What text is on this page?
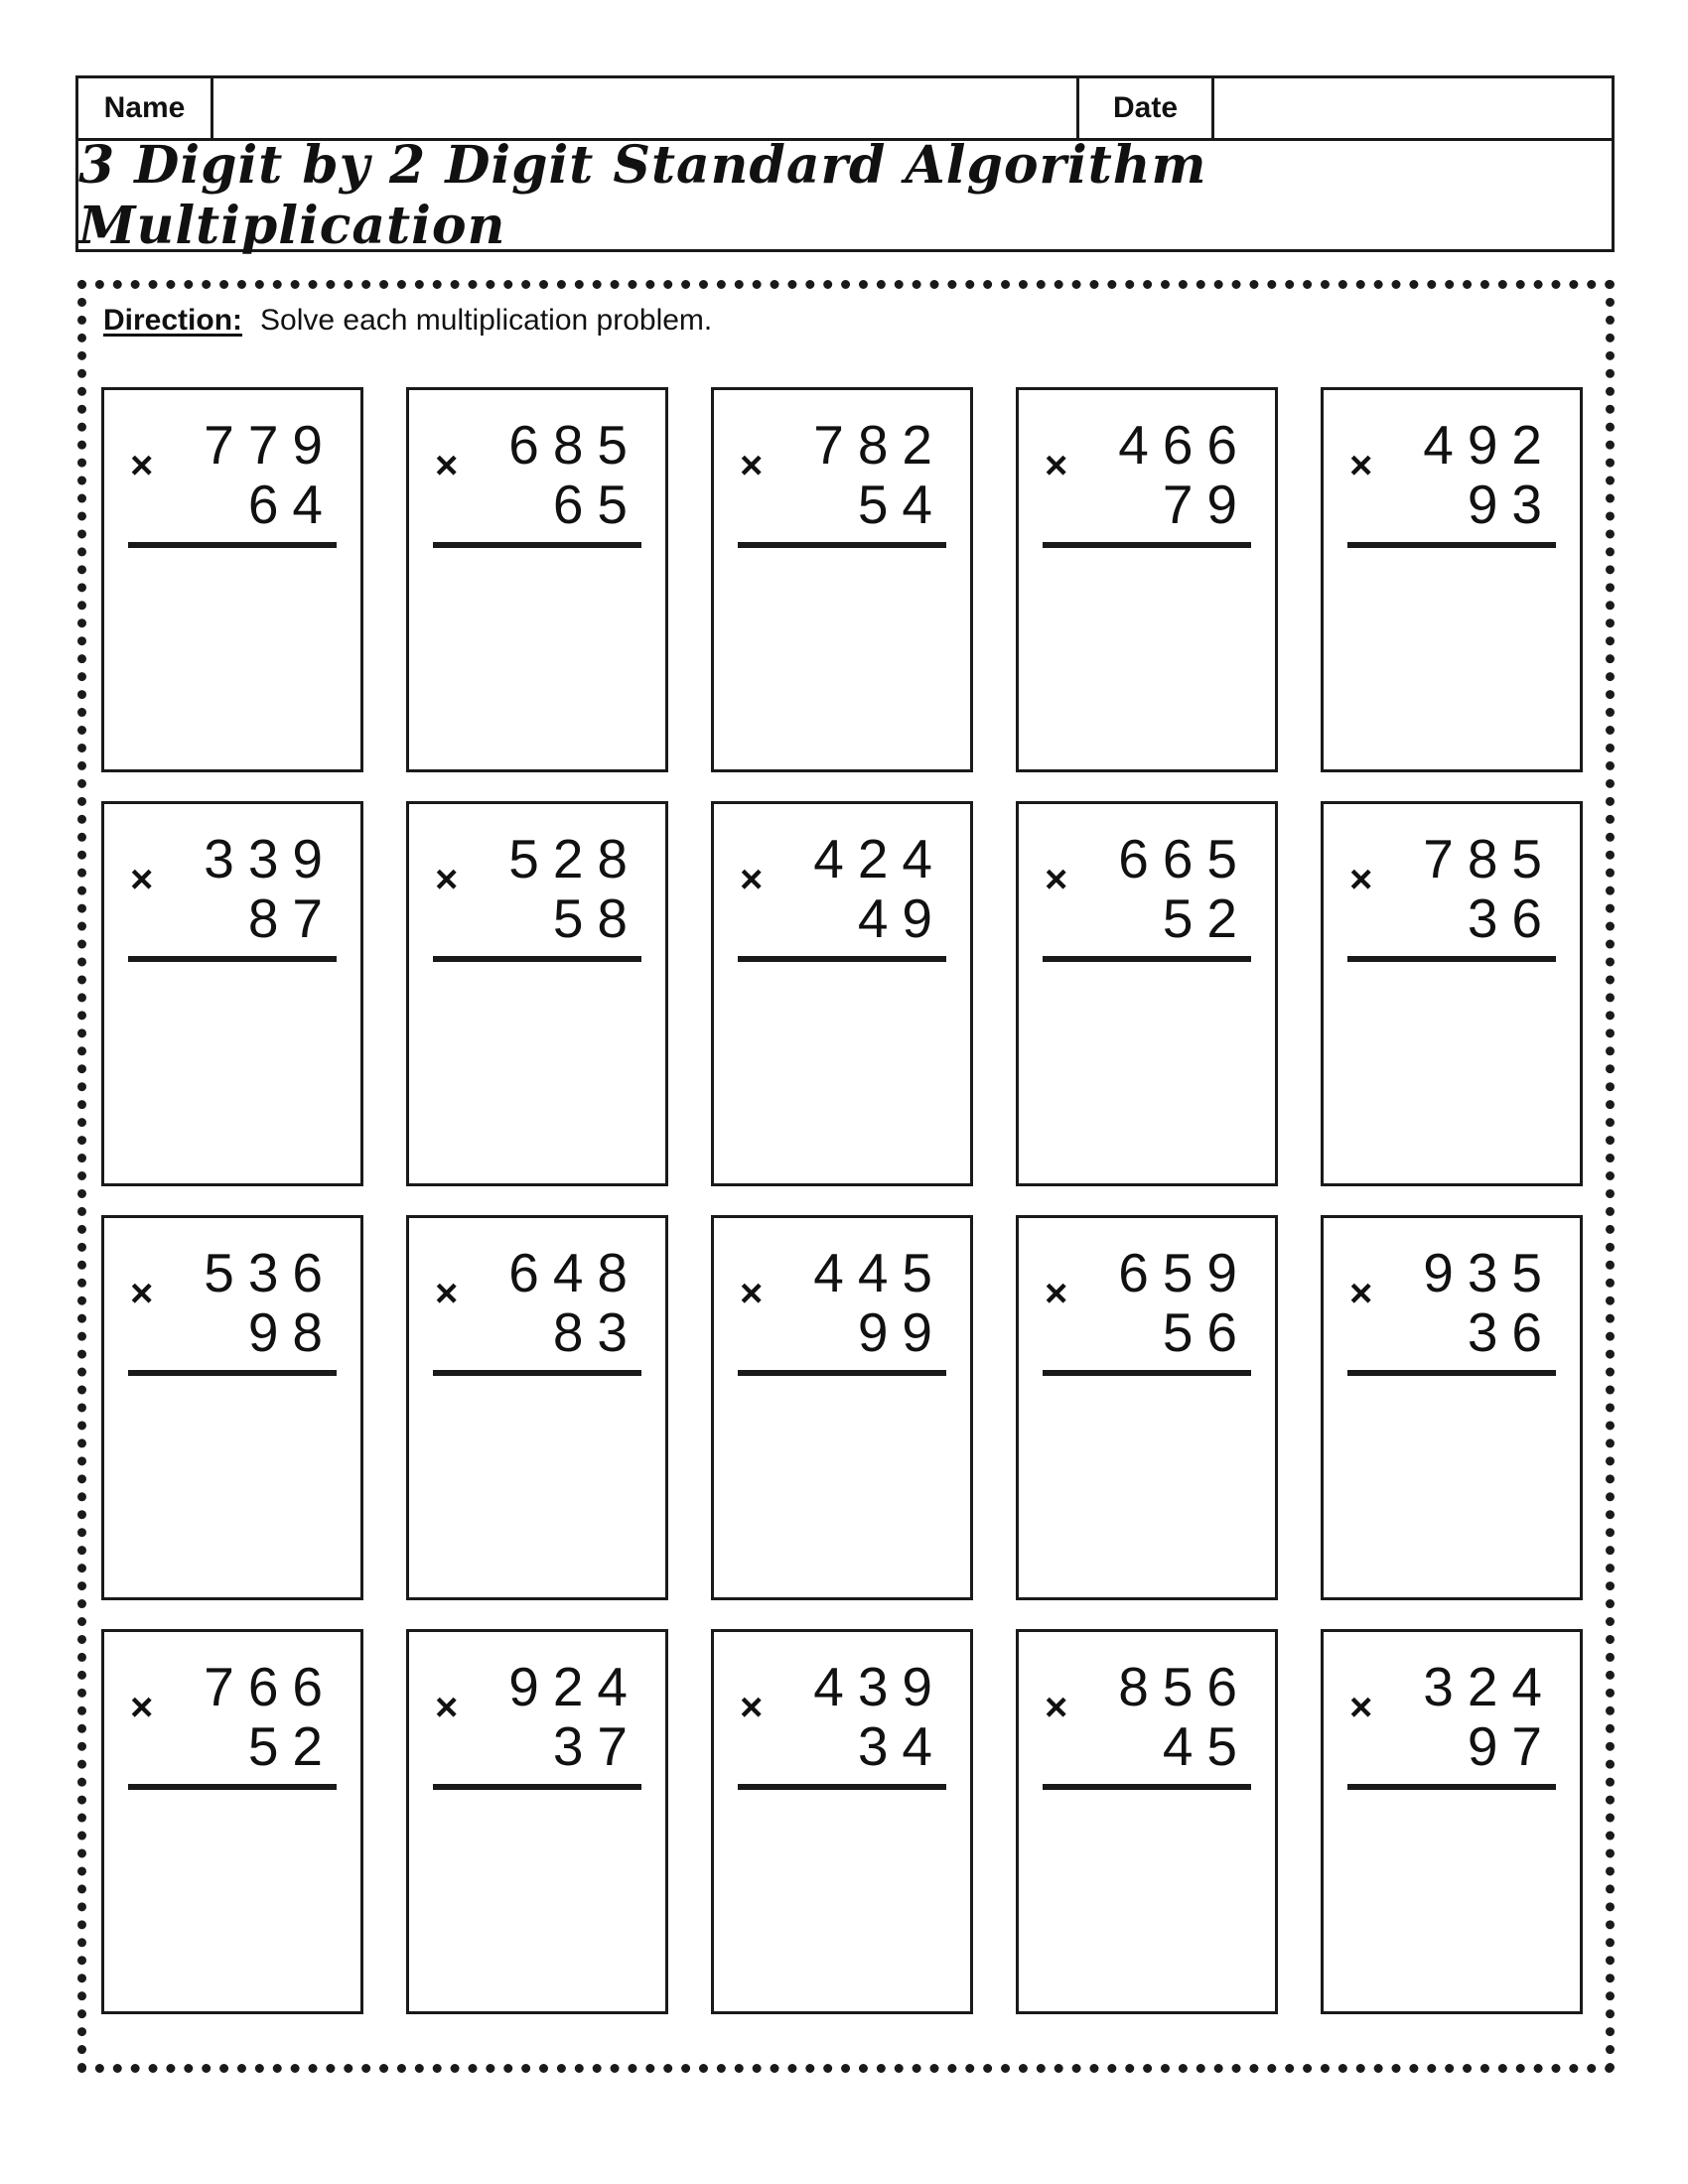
Name	Date
3 Digit by 2 Digit Standard Algorithm Multiplication
Direction: Solve each multiplication problem.
× 779
64
× 685
65
× 782
54
× 466
79
× 492
93
× 339
87
× 528
58
× 424
49
× 665
52
× 785
36
× 536
98
× 648
83
× 445
99
× 659
56
× 935
36
× 766
52
× 924
37
× 439
34
× 856
45
× 324
97
